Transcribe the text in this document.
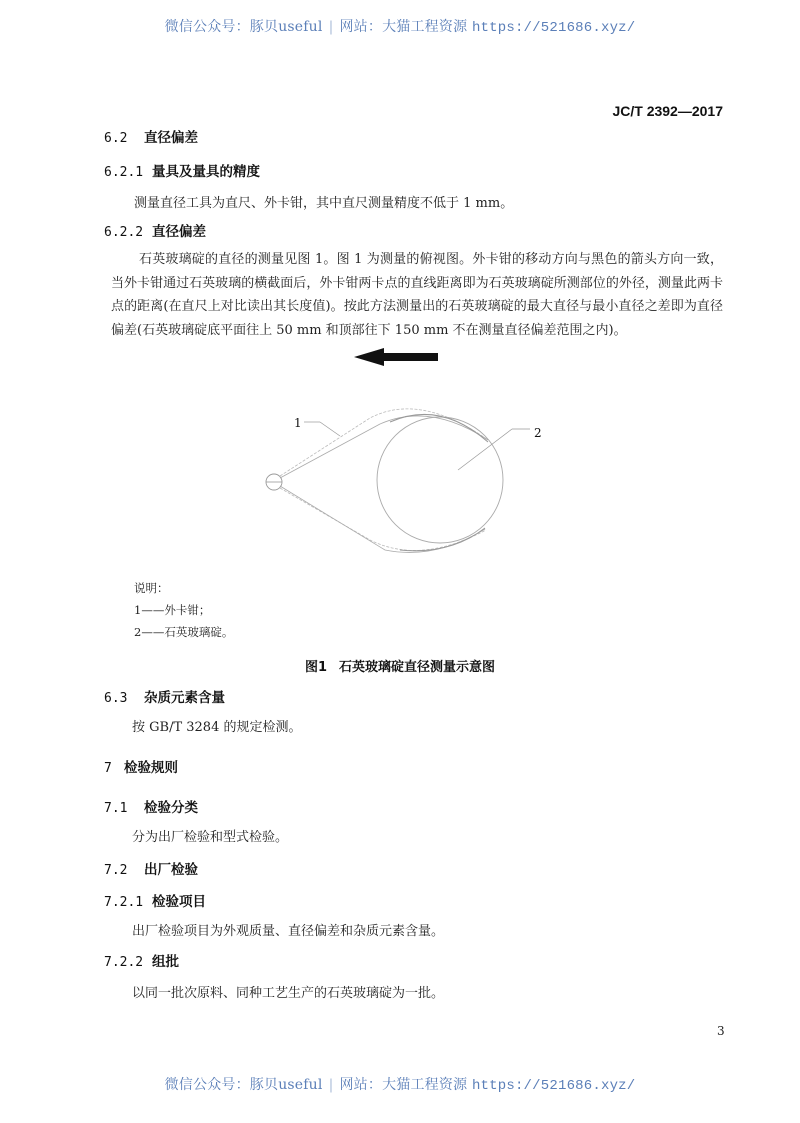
微信公众号：豚贝useful | 网站：大猫工程资源 https://521686.xyz/
JC/T 2392—2017
6.2 直径偏差
6.2.1 量具及量具的精度
测量直径工具为直尺、外卡钳，其中直尺测量精度不低于 1 mm。
6.2.2 直径偏差
石英玻璃碇的直径的测量见图 1。图 1 为测量的俯视图。外卡钳的移动方向与黑色的箭头方向一致，当外卡钳通过石英玻璃的横截面后，外卡钳两卡点的直线距离即为石英玻璃碇所测部位的外径，测量此两卡点的距离(在直尺上对比读出其长度值)。按此方法测量出的石英玻璃碇的最大直径与最小直径之差即为直径偏差(石英玻璃碇底平面往上 50 mm 和顶部往下 150 mm 不在测量直径偏差范围之内)。
1
2
说明：
1——外卡钳；
2——石英玻璃碇。
图1 石英玻璃碇直径测量示意图
6.3 杂质元素含量
按 GB/T 3284 的规定检测。
7 检验规则
7.1 检验分类
分为出厂检验和型式检验。
7.2 出厂检验
7.2.1 检验项目
出厂检验项目为外观质量、直径偏差和杂质元素含量。
7.2.2 组批
以同一批次原料、同种工艺生产的石英玻璃碇为一批。
3
微信公众号：豚贝useful | 网站：大猫工程资源 https://521686.xyz/
